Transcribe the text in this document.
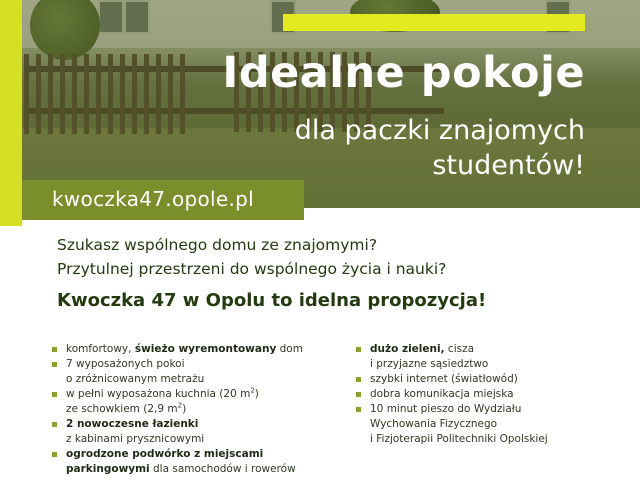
Idealne pokoje
dla paczki znajomych
studentów!
kwoczka47.opole.pl
Szukasz wspólnego domu ze znajomymi?
Przytulnej przestrzeni do wspólnego życia i nauki?
Kwoczka 47 w Opolu to idelna propozycja!
komfortowy, świeżo wyremontowany dom
7 wyposażonych pokoi
o zróżnicowanym metrażu
w pełni wyposażona kuchnia (20 $m^2$)
ze schowkiem (2,9 $m^2$)
2 nowoczesne łazienki
z kabinami prysznicowymi
ogrodzone podwórko z miejscami
parkingowymi dla samochodów i rowerów
dużo zieleni, cisza
i przyjazne sąsiedztwo
szybki internet (światłowód)
dobra komunikacja miejska
10 minut pieszo do Wydziału
Wychowania Fizycznego
i Fizjoterapii Politechniki Opolskiej
